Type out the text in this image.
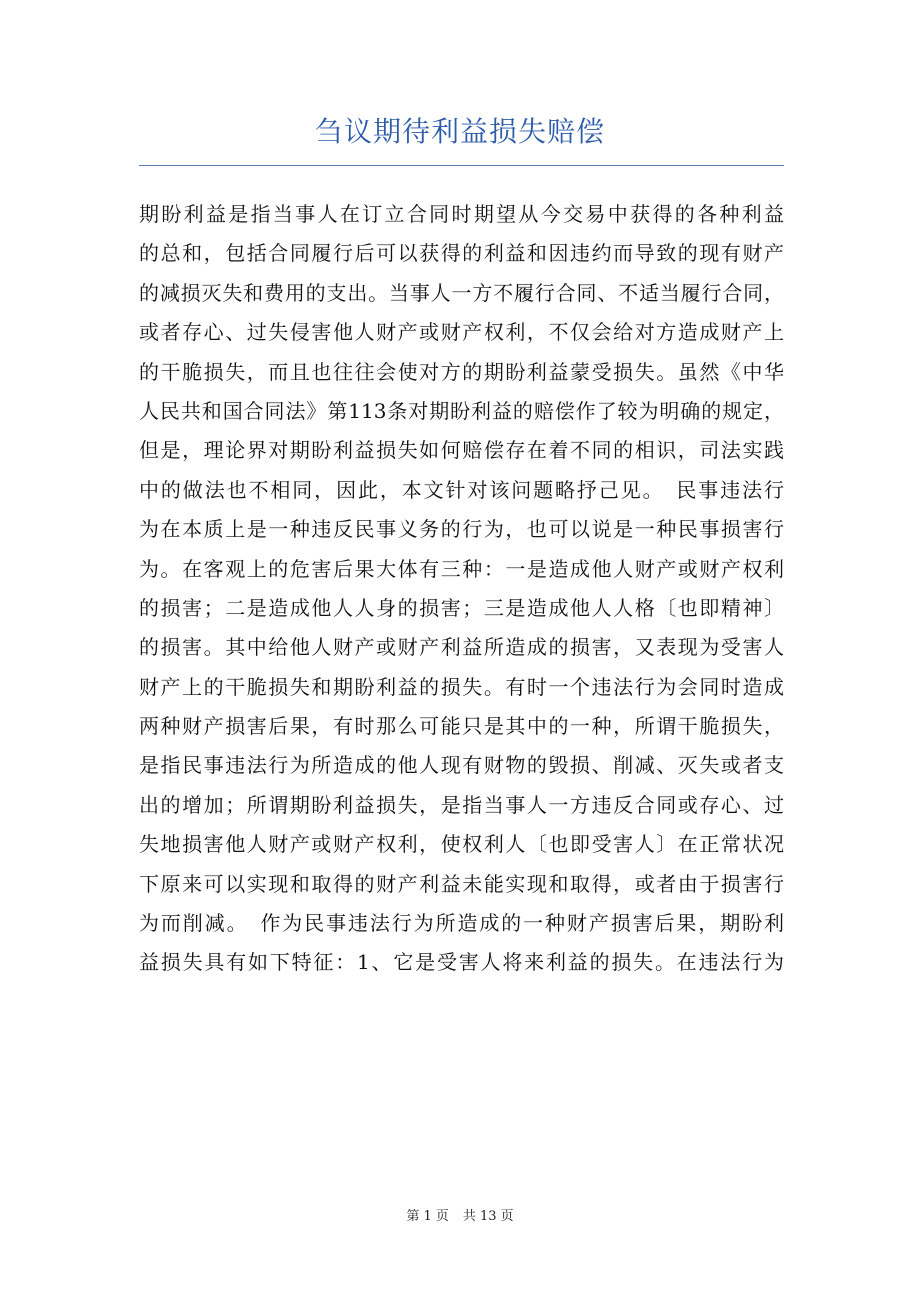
刍议期待利益损失赔偿
期盼利益是指当事人在订立合同时期望从今交易中获得的各种利益
的总和，包括合同履行后可以获得的利益和因违约而导致的现有财产
的减损灭失和费用的支出。当事人一方不履行合同、不适当履行合同，
或者存心、过失侵害他人财产或财产权利，不仅会给对方造成财产上
的干脆损失，而且也往往会使对方的期盼利益蒙受损失。虽然《中华
人民共和国合同法》第113条对期盼利益的赔偿作了较为明确的规定，
但是，理论界对期盼利益损失如何赔偿存在着不同的相识，司法实践
中的做法也不相同，因此，本文针对该问题略抒己见。　民事违法行
为在本质上是一种违反民事义务的行为，也可以说是一种民事损害行
为。在客观上的危害后果大体有三种：一是造成他人财产或财产权利
的损害；二是造成他人人身的损害；三是造成他人人格〔也即精神〕
的损害。其中给他人财产或财产利益所造成的损害，又表现为受害人
财产上的干脆损失和期盼利益的损失。有时一个违法行为会同时造成
两种财产损害后果，有时那么可能只是其中的一种，所谓干脆损失，
是指民事违法行为所造成的他人现有财物的毁损、削减、灭失或者支
出的增加；所谓期盼利益损失，是指当事人一方违反合同或存心、过
失地损害他人财产或财产权利，使权利人〔也即受害人〕在正常状况
下原来可以实现和取得的财产利益未能实现和取得，或者由于损害行
为而削减。　作为民事违法行为所造成的一种财产损害后果，期盼利
益损失具有如下特征：1、它是受害人将来利益的损失。在违法行为
第 1 页 共 13 页
